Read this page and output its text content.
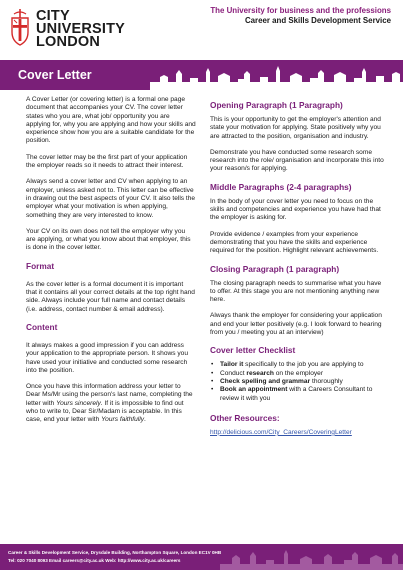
CITY UNIVERSITY
LONDON
The University for business and the professions
Career and Skills Development Service
Cover Letter

A Cover Letter (or covering letter) is a formal one page document that accompanies your CV. The cover letter states who you are, what job/ opportunity you are applying for, why you are applying and how your skills and experience show how you are a suitable candidate for the position.

The cover letter may be the first part of your application the employer reads so it needs to attract their interest.

Always send a cover letter and CV when applying to an employer, unless asked not to. This letter can be effective in drawing out the best aspects of your CV. It also tells the employer what your motivation is when applying, something they are very interested to know.

Your CV on its own does not tell the employer why you are applying, or what you know about that employer, this is done in the cover letter.

Format

As the cover letter is a formal document it is important that it contains all your correct details at the top right hand side. Always include your full name and contact details (i.e. address, contact number & email address).

Content

It always makes a good impression if you can address your application to the appropriate person. It shows you have used your initiative and conducted some research into the position.

Once you have this information address your letter to Dear Ms/Mr using the person's last name, completing the letter with Yours sincerely. If it is impossible to find out who to write to, Dear Sir/Madam is acceptable. In this case, end your letter with Yours faithfully.

Opening Paragraph (1 Paragraph)

This is your opportunity to get the employer's attention and state your motivation for applying. State positively why you are attracted to the position, organisation and industry.

Demonstrate you have conducted some research some research into the role/ organisation and incorporate this into your reason/s for applying.

Middle Paragraphs (2-4 paragraphs)

In the body of your cover letter you need to focus on the skills and competencies and experience you have had that the employer is asking for.

Provide evidence / examples from your experience demonstrating that you have the skills and experience required for the position. Highlight relevant achievements.

Closing Paragraph (1 paragraph)

The closing paragraph needs to summarise what you have to offer. At this stage you are not mentioning anything new here.

Always thank the employer for considering your application and end your letter positively (e.g. I look forward to hearing from you / meeting you at an interview)

Cover letter Checklist
• Tailor it specifically to the job you are applying to
• Conduct research on the employer
• Check spelling and grammar thoroughly
• Book an appointment with a Careers Consultant to review it with you
Other Resources:

http://delicious.com/City_Careers/CoveringLetter

Career & Skills Development Service, Drysdale Building, Northampton Square, London EC1V 0HB
Tel: 020 7040 8093 Email careers@city.ac.uk Web: http://www.city.ac.uk/careers
